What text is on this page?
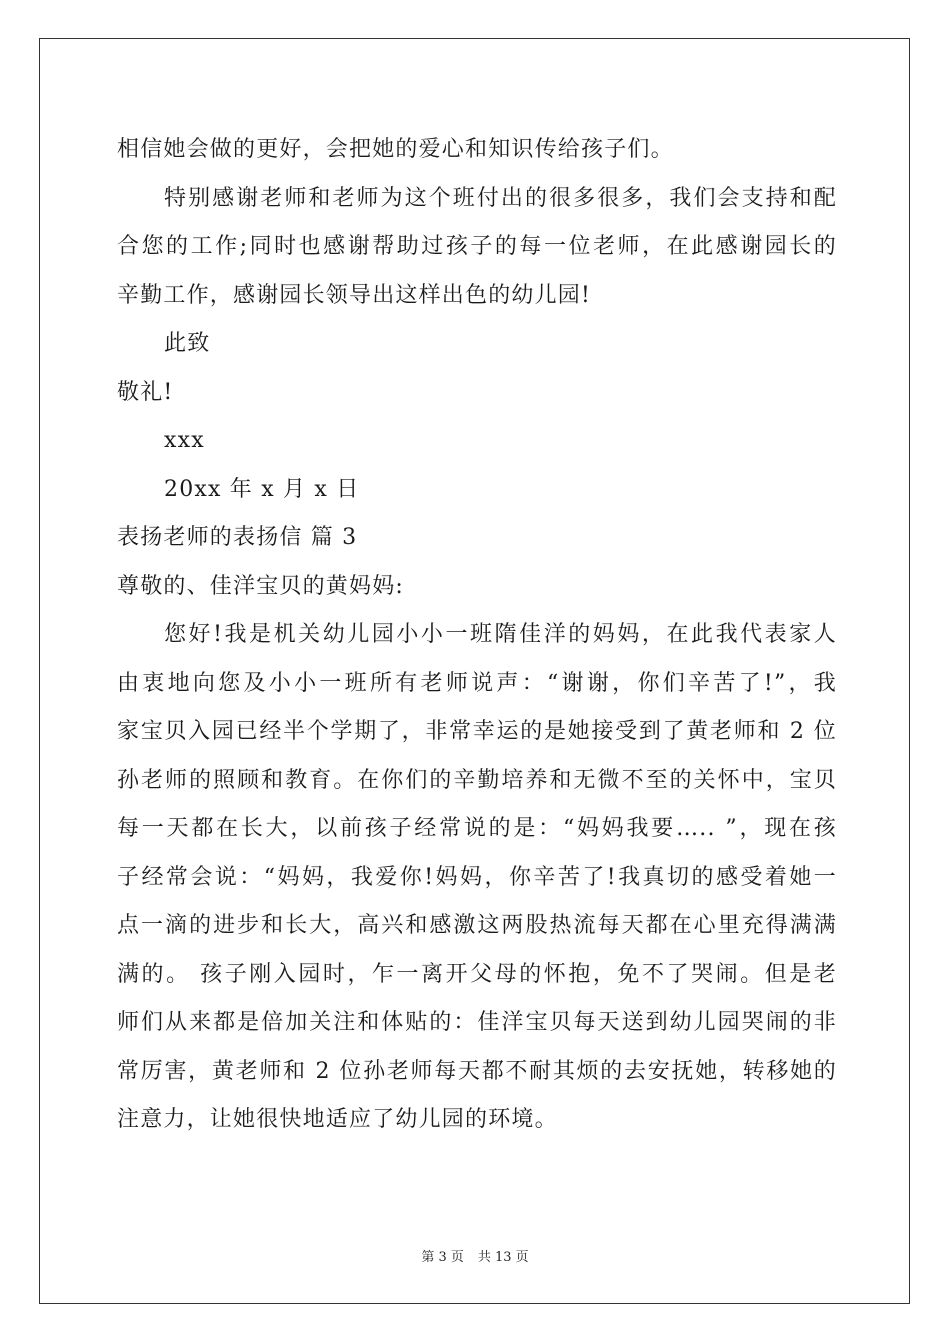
相信她会做的更好，会把她的爱心和知识传给孩子们。
特别感谢老师和老师为这个班付出的很多很多，我们会支持和配
合您的工作;同时也感谢帮助过孩子的每一位老师，在此感谢园长的
辛勤工作，感谢园长领导出这样出色的幼儿园!
此致
敬礼!
xxx
20xx 年 x 月 x 日
表扬老师的表扬信 篇 3
尊敬的、佳洋宝贝的黄妈妈:
您好!我是机关幼儿园小小一班隋佳洋的妈妈，在此我代表家人
由衷地向您及小小一班所有老师说声：“谢谢，你们辛苦了!”，我
家宝贝入园已经半个学期了，非常幸运的是她接受到了黄老师和 2 位
孙老师的照顾和教育。在你们的辛勤培养和无微不至的关怀中，宝贝
每一天都在长大，以前孩子经常说的是：“妈妈我要….. ”，现在孩
子经常会说：“妈妈，我爱你!妈妈，你辛苦了!我真切的感受着她一
点一滴的进步和长大，高兴和感激这两股热流每天都在心里充得满满
满的。 孩子刚入园时，乍一离开父母的怀抱，免不了哭闹。但是老
师们从来都是倍加关注和体贴的：佳洋宝贝每天送到幼儿园哭闹的非
常厉害，黄老师和 2 位孙老师每天都不耐其烦的去安抚她，转移她的
注意力，让她很快地适应了幼儿园的环境。
第 3 页 共 13 页
